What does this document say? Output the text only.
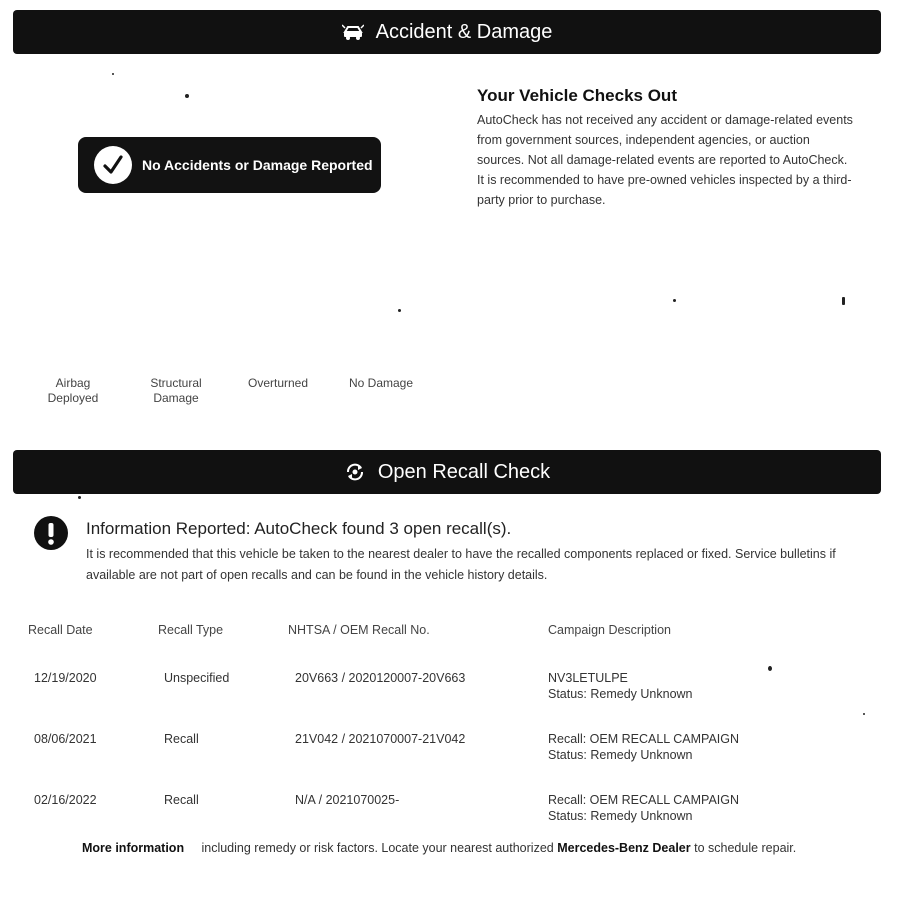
Accident & Damage
No Accidents or Damage Reported
Your Vehicle Checks Out
AutoCheck has not received any accident or damage-related events from government sources, independent agencies, or auction sources. Not all damage-related events are reported to AutoCheck. It is recommended to have pre-owned vehicles inspected by a third-party prior to purchase.
Airbag
Deployed
Structural
Damage
Overturned	No Damage
Open Recall Check
Information Reported: AutoCheck found 3 open recall(s).
It is recommended that this vehicle be taken to the nearest dealer to have the recalled components replaced or fixed. Service bulletins if available are not part of open recalls and can be found in the vehicle history details.
Recall Date	Recall Type	NHTSA / OEM Recall No.	Campaign Description
12/19/2020	Unspecified	20V663 / 2020120007-20V663	NV3LETULPE
Status: Remedy Unknown
08/06/2021	Recall	21V042 / 2021070007-21V042	Recall: OEM RECALL CAMPAIGN
Status: Remedy Unknown
02/16/2022	Recall	N/A / 2021070025-	Recall: OEM RECALL CAMPAIGN
Status: Remedy Unknown
More information including remedy or risk factors. Locate your nearest authorized Mercedes-Benz Dealer to schedule repair.
